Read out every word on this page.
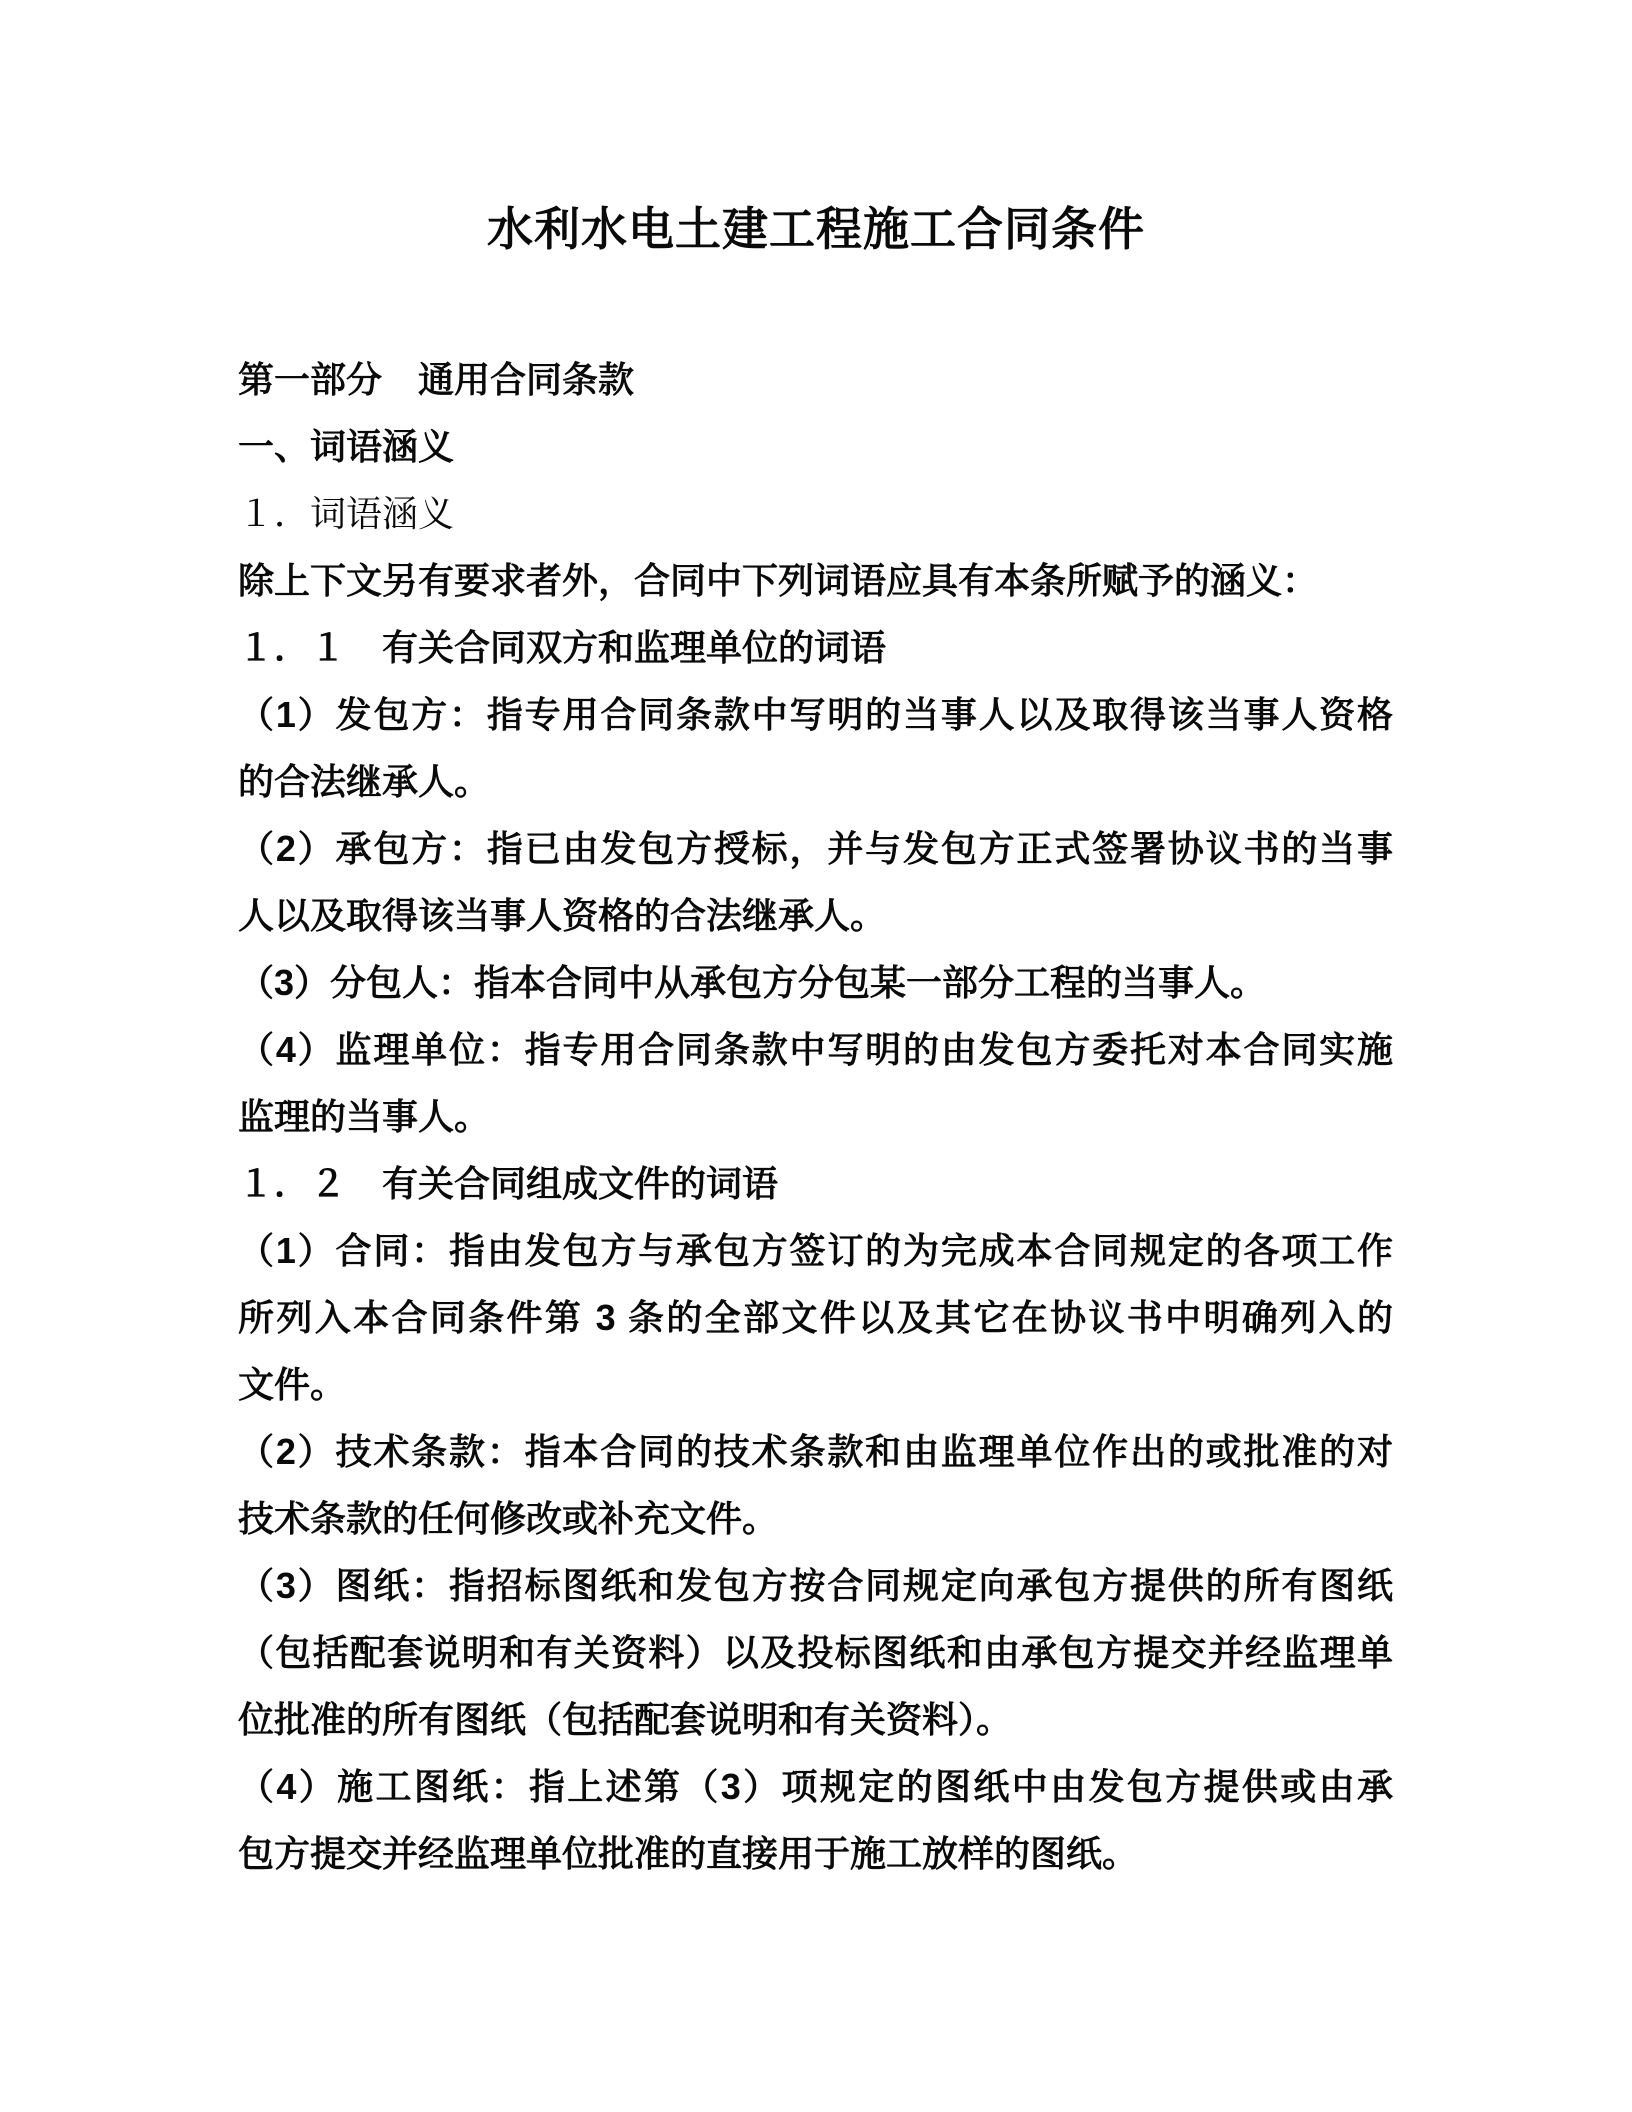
水利水电土建工程施工合同条件
第一部分　通用合同条款
一、词语涵义
１．词语涵义
除上下文另有要求者外，合同中下列词语应具有本条所赋予的涵义：
１．１　有关合同双方和监理单位的词语
（1）发包方：指专用合同条款中写明的当事人以及取得该当事人资格
的合法继承人。
（2）承包方：指已由发包方授标，并与发包方正式签署协议书的当事
人以及取得该当事人资格的合法继承人。
（3）分包人：指本合同中从承包方分包某一部分工程的当事人。
（4）监理单位：指专用合同条款中写明的由发包方委托对本合同实施
监理的当事人。
１．２　有关合同组成文件的词语
（1）合同：指由发包方与承包方签订的为完成本合同规定的各项工作
所列入本合同条件第 3 条的全部文件以及其它在协议书中明确列入的
文件。
（2）技术条款：指本合同的技术条款和由监理单位作出的或批准的对
技术条款的任何修改或补充文件。
（3）图纸：指招标图纸和发包方按合同规定向承包方提供的所有图纸
（包括配套说明和有关资料）以及投标图纸和由承包方提交并经监理单
位批准的所有图纸（包括配套说明和有关资料）。
（4）施工图纸：指上述第（3）项规定的图纸中由发包方提供或由承
包方提交并经监理单位批准的直接用于施工放样的图纸。
